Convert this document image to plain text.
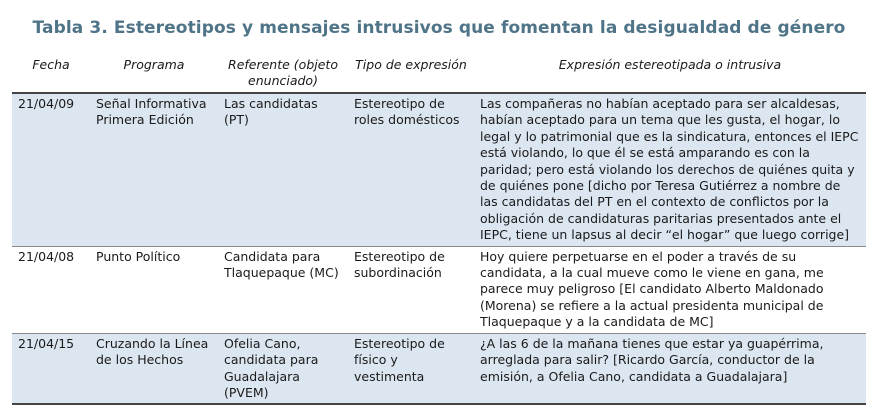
Tabla 3. Estereotipos y mensajes intrusivos que fomentan la desigualdad de género
Fecha	Programa	Referente (objeto enunciado)	Tipo de expresión	Expresión estereotipada o intrusiva
21/04/09	Señal Informativa Primera Edición	Las candidatas (PT)	Estereotipo de roles domésticos	Las compañeras no habían aceptado para ser alcaldesas, habían aceptado para un tema que les gusta, el hogar, lo legal y lo patrimonial que es la sindicatura, entonces el IEPC está violando, lo que él se está amparando es con la paridad; pero está violando los derechos de quiénes quita y de quiénes pone [dicho por Teresa Gutiérrez a nombre de las candidatas del PT en el contexto de conflictos por la obligación de candidaturas paritarias presentados ante el IEPC, tiene un lapsus al decir “el hogar” que luego corrige]
21/04/08	Punto Político	Candidata para Tlaquepaque (MC)	Estereotipo de subordinación	Hoy quiere perpetuarse en el poder a través de su candidata, a la cual mueve como le viene en gana, me parece muy peligroso [El candidato Alberto Maldonado (Morena) se refiere a la actual presidenta municipal de Tlaquepaque y a la candidata de MC]
21/04/15	Cruzando la Línea de los Hechos	Ofelia Cano, candidata para Guadalajara (PVEM)	Estereotipo de físico y vestimenta	¿A las 6 de la mañana tienes que estar ya guapérrima, arreglada para salir? [Ricardo García, conductor de la emisión, a Ofelia Cano, candidata a Guadalajara]
